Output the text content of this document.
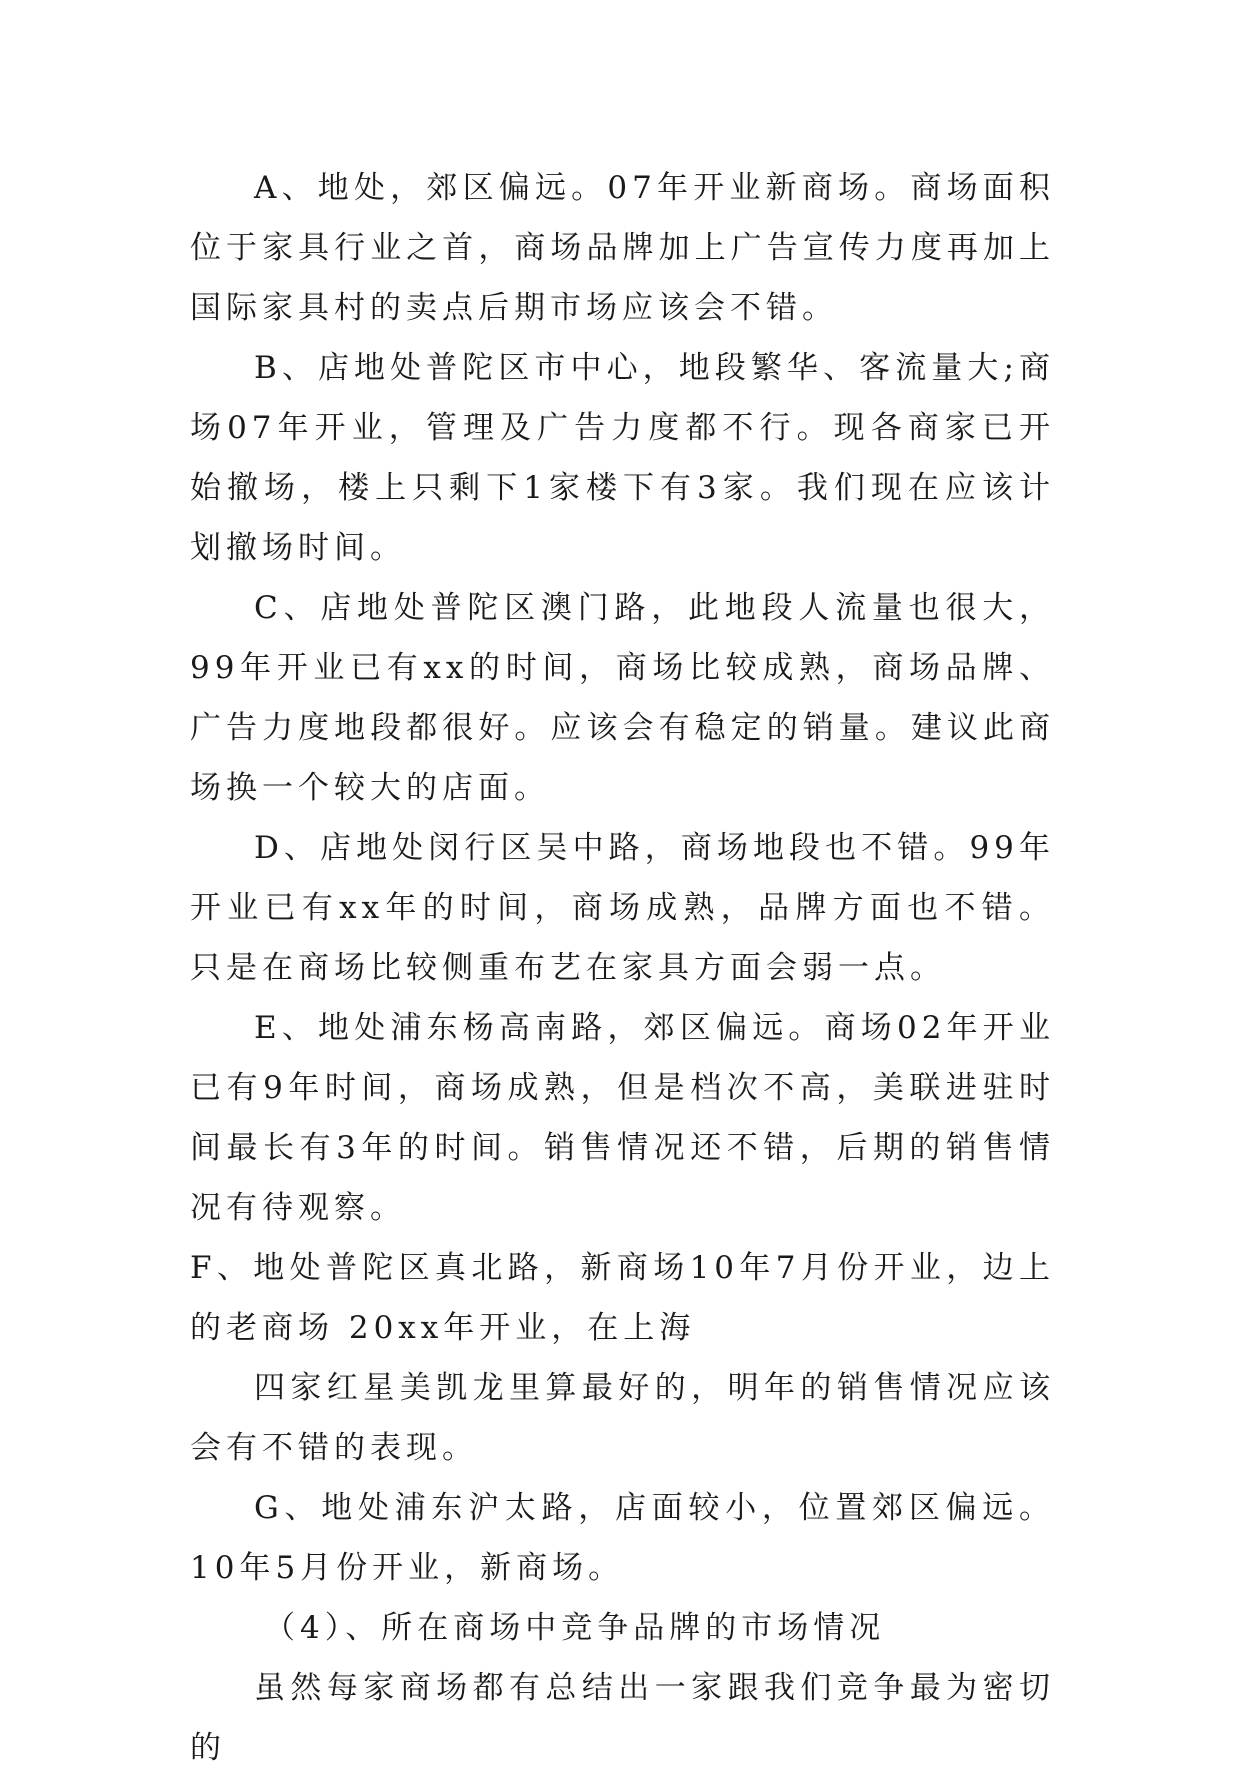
A、地处，郊区偏远。07年开业新商场。商场面积位于家具行业之首，商场品牌加上广告宣传力度再加上国际家具村的卖点后期市场应该会不错。

B、店地处普陀区市中心，地段繁华、客流量大;商场07年开业，管理及广告力度都不行。现各商家已开始撤场，楼上只剩下1家楼下有3家。我们现在应该计划撤场时间。

C、店地处普陀区澳门路，此地段人流量也很大，99年开业已有xx的时间，商场比较成熟，商场品牌、广告力度地段都很好。应该会有稳定的销量。建议此商场换一个较大的店面。

D、店地处闵行区吴中路，商场地段也不错。99年开业已有xx年的时间，商场成熟，品牌方面也不错。只是在商场比较侧重布艺在家具方面会弱一点。

E、地处浦东杨高南路，郊区偏远。商场02年开业已有9年时间，商场成熟，但是档次不高，美联进驻时间最长有3年的时间。销售情况还不错，后期的销售情况有待观察。

F、地处普陀区真北路，新商场10年7月份开业，边上的老商场 20xx年开业，在上海

四家红星美凯龙里算最好的，明年的销售情况应该会有不错的表现。

G、地处浦东沪太路，店面较小，位置郊区偏远。10年5月份开业，新商场。

（4）、所在商场中竞争品牌的市场情况

虽然每家商场都有总结出一家跟我们竞争最为密切的
